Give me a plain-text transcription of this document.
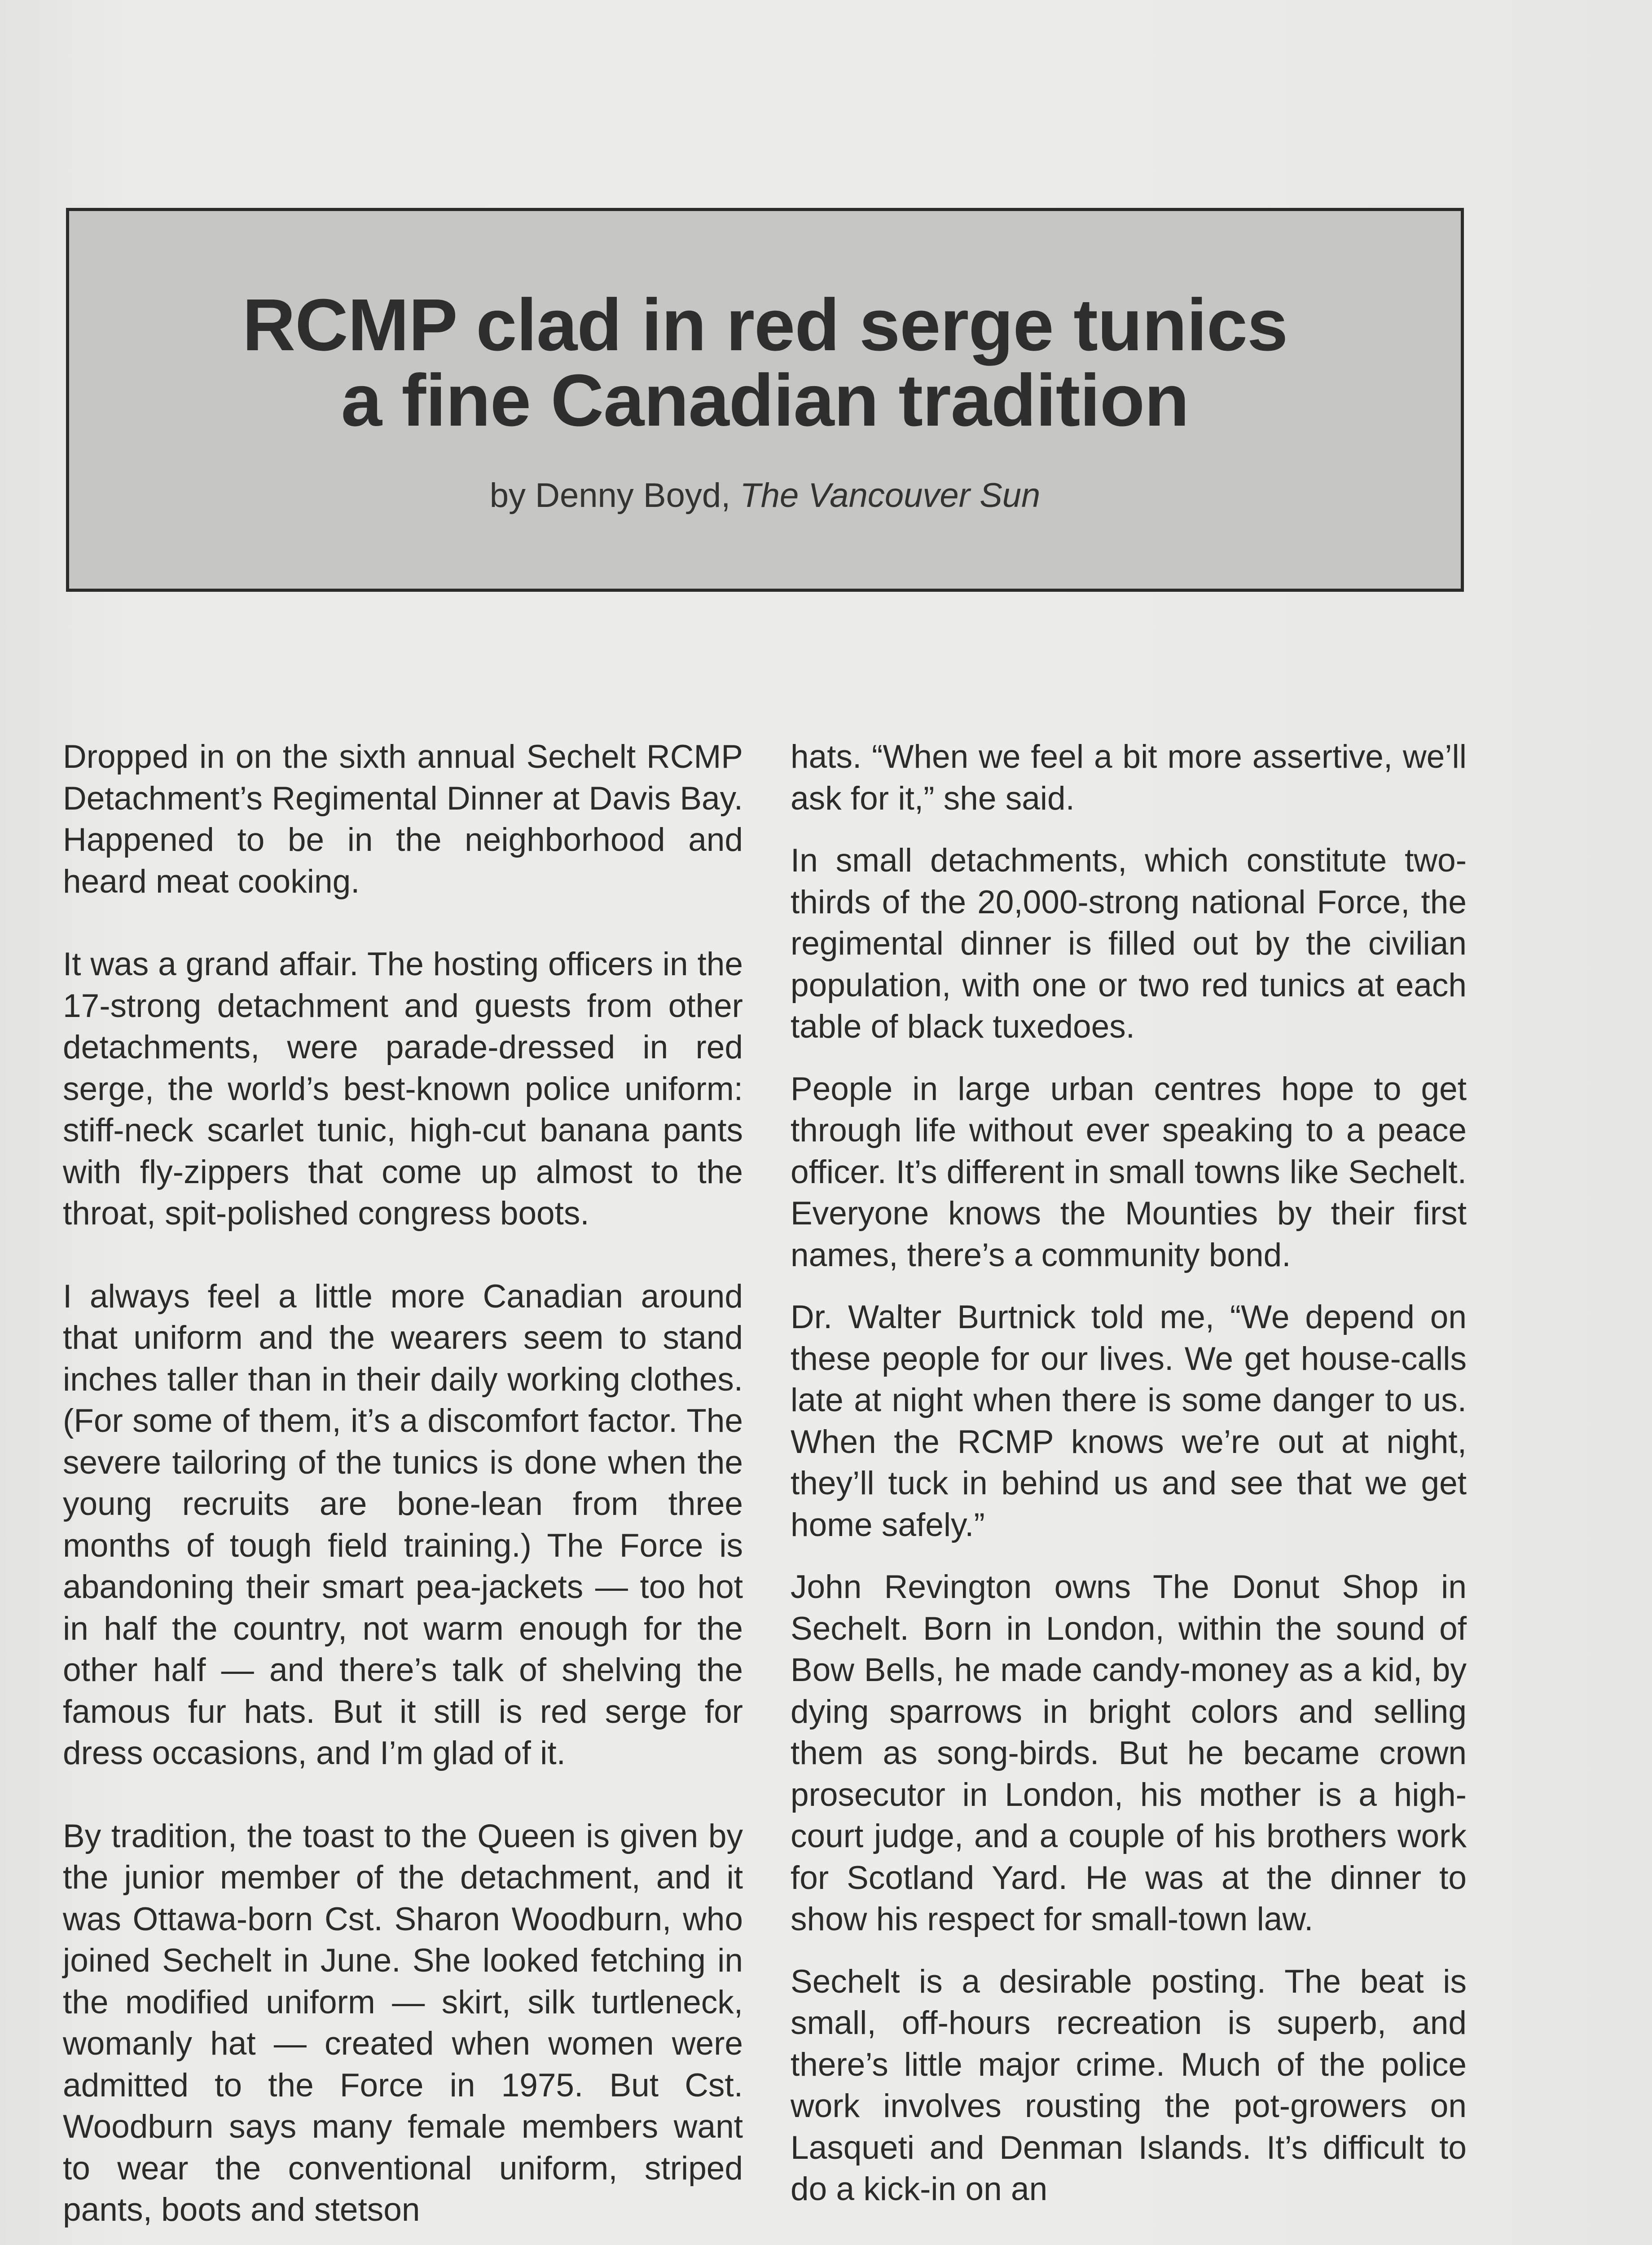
RCMP clad in red serge tunics
a fine Canadian tradition
by Denny Boyd, The Vancouver Sun

Dropped in on the sixth annual Sechelt RCMP Detachment’s Regimental Dinner at Davis Bay. Happened to be in the neighborhood and heard meat cooking.

It was a grand affair. The hosting officers in the 17-strong detachment and guests from other detachments, were parade-dressed in red serge, the world’s best-known police uniform: stiff-neck scarlet tunic, high-cut banana pants with fly-zippers that come up almost to the throat, spit-polished congress boots.

I always feel a little more Canadian around that uniform and the wearers seem to stand inches taller than in their daily working clothes. (For some of them, it’s a discomfort factor. The severe tailoring of the tunics is done when the young recruits are bone-lean from three months of tough field training.) The Force is abandoning their smart pea-jackets — too hot in half the country, not warm enough for the other half — and there’s talk of shelving the famous fur hats. But it still is red serge for dress occasions, and I’m glad of it.

By tradition, the toast to the Queen is given by the junior member of the detachment, and it was Ottawa-born Cst. Sharon Woodburn, who joined Sechelt in June. She looked fetching in the modified uniform — skirt, silk turtleneck, womanly hat — created when women were admitted to the Force in 1975. But Cst. Woodburn says many female members want to wear the conventional uniform, striped pants, boots and stetson

hats. “When we feel a bit more assertive, we’ll ask for it,” she said.

In small detachments, which constitute two-thirds of the 20,000-strong national Force, the regimental dinner is filled out by the civilian population, with one or two red tunics at each table of black tuxedoes.

People in large urban centres hope to get through life without ever speaking to a peace officer. It’s different in small towns like Sechelt. Everyone knows the Mounties by their first names, there’s a community bond.

Dr. Walter Burtnick told me, “We depend on these people for our lives. We get house-calls late at night when there is some danger to us. When the RCMP knows we’re out at night, they’ll tuck in behind us and see that we get home safely.”

John Revington owns The Donut Shop in Sechelt. Born in London, within the sound of Bow Bells, he made candy-money as a kid, by dying sparrows in bright colors and selling them as song-birds. But he became crown prosecutor in London, his mother is a high-court judge, and a couple of his brothers work for Scotland Yard. He was at the dinner to show his respect for small-town law.

Sechelt is a desirable posting. The beat is small, off-hours recreation is superb, and there’s little major crime. Much of the police work involves rousting the pot-growers on Lasqueti and Denman Islands. It’s difficult to do a kick-in on an
